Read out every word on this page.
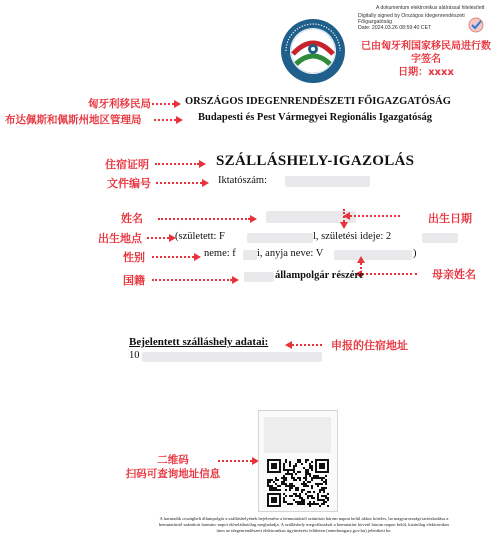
A dokumentum elektronikus aláírással hitelesített
Digitally signed by Országos Idegenrendészeti
Főigazgatóság
Date: 2024.03.26 08:59:40 CET
已由匈牙利国家移民局进行数
字签名
日期：xxxx
匈牙利移民局	ORSZÁGOS IDEGENRENDÉSZETI FŐIGAZGATÓSÁG
布达佩斯和佩斯州地区管理局	Budapesti és Pest Vármegyei Regionális Igazgatóság
住宿证明	SZÁLLÁSHELY-IGAZOLÁS
文件编号	Iktatószám:
姓名	出生日期
出生地点	(született: F	l, születési ideje: 2
性别	neme: f i, anyja neve: V	)
母亲姓名
国籍	állampolgár részére
Bejelentett szálláshely adatai:	申报的住宿地址
10
二维码
扫码可查询地址信息
A harmadik országbeli állampolgár a szálláshelyének bejelentése a bemutatástól számított három napon belül akkor köteles, ha magyarországi tartózkodása a
bemutatástól számított harminc napot előreláthatólag meghaladja. A szálláshely megváltozását a bemutatást követő három napon belül, kizárólag elektronikus
úton az idegenrendészeti elektronikus ügyintézési felületen (enterhungary.gov.hu) jelentheti be.
